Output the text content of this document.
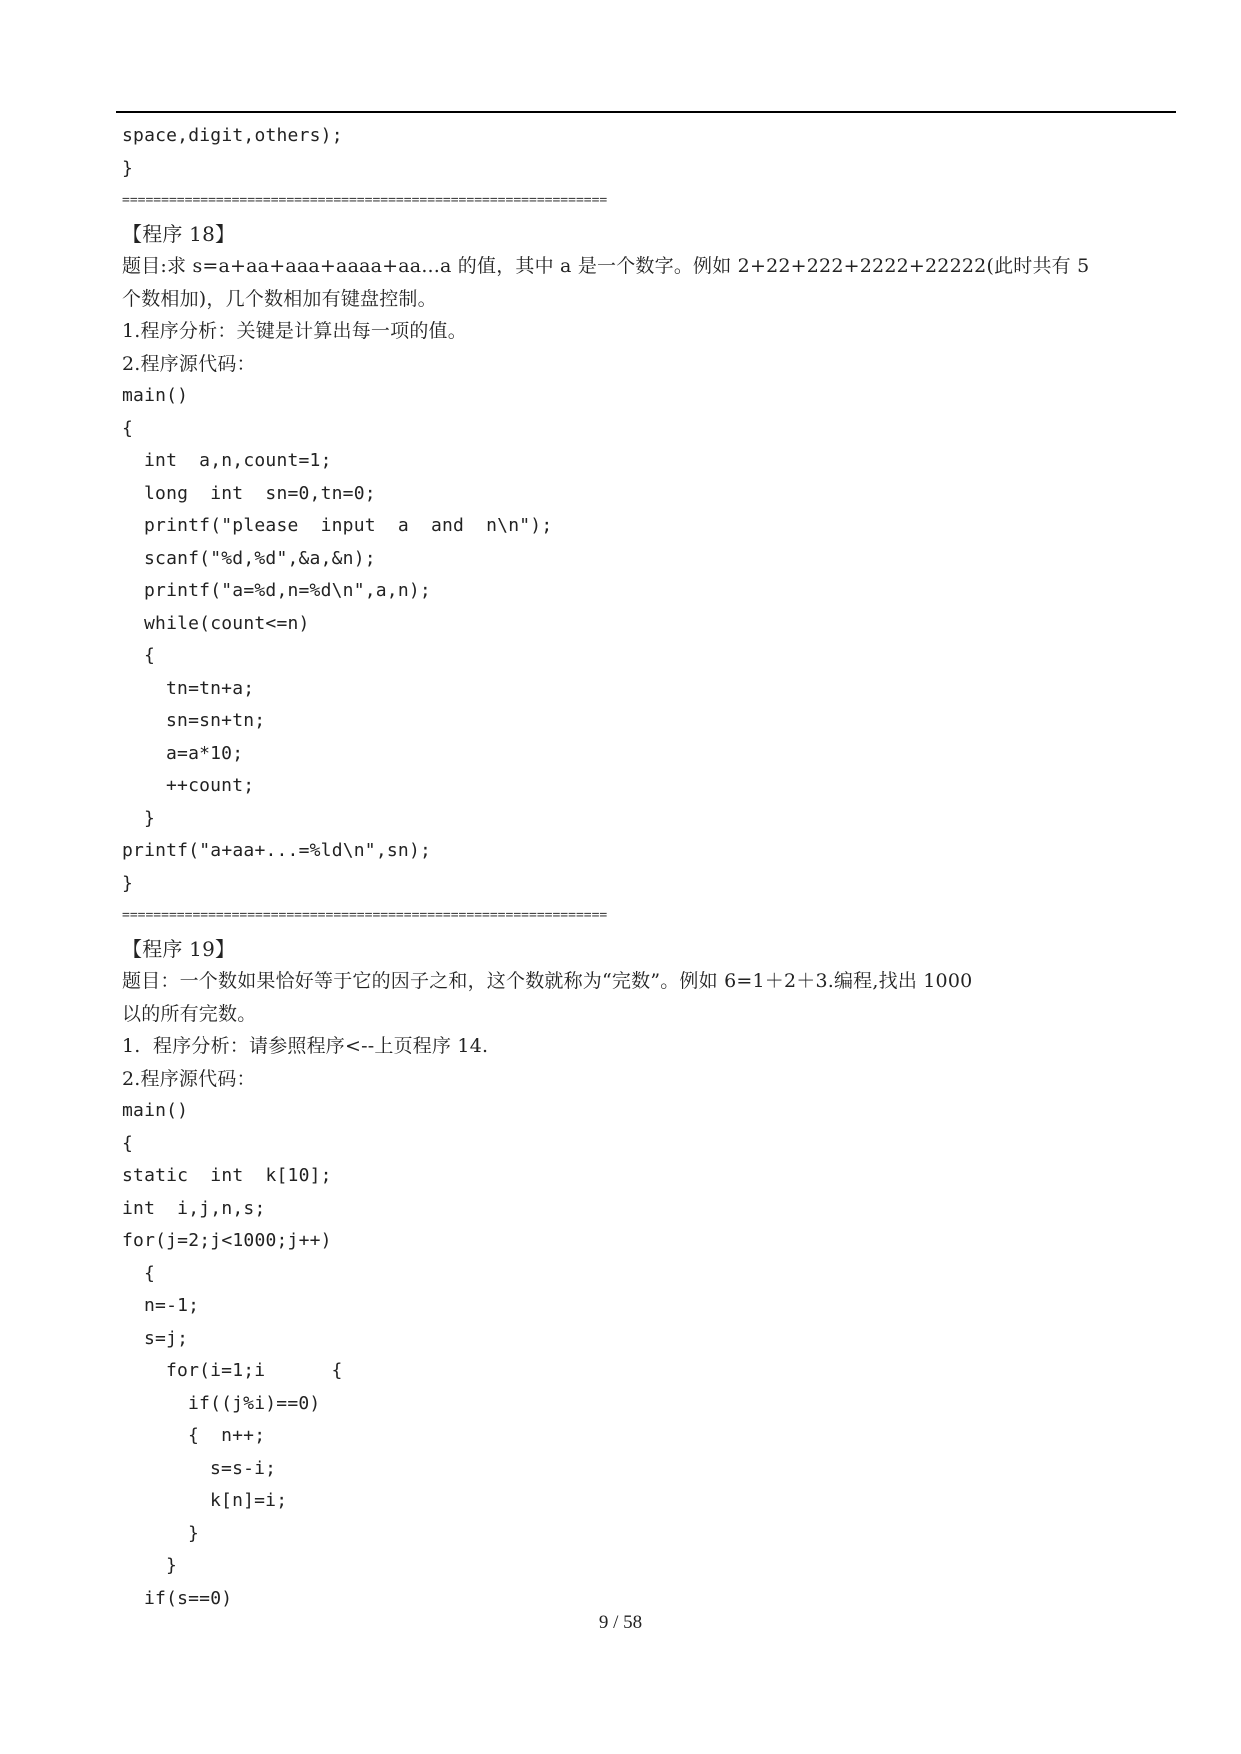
space,digit,others);
}
==============================================================
【程序 18】
题目:求 s=a+aa+aaa+aaaa+aa...a 的值，其中 a 是一个数字。例如 2+22+222+2222+22222(此时共有 5
个数相加)，几个数相加有键盘控制。
1.程序分析：关键是计算出每一项的值。
2.程序源代码：
main()
{
int  a,n,count=1;
long  int  sn=0,tn=0;
printf("please  input  a  and  n\n");
scanf("%d,%d",&a,&n);
printf("a=%d,n=%d\n",a,n);
while(count<=n)
{
tn=tn+a;
sn=sn+tn;
a=a*10;
++count;
}
printf("a+aa+...=%ld\n",sn);
}
==============================================================
【程序 19】
题目：一个数如果恰好等于它的因子之和，这个数就称为“完数”。例如 6=1＋2＋3.编程,找出 1000
以的所有完数。
1.  程序分析：请参照程序<--上页程序 14.
2.程序源代码：
main()
{
static  int  k[10];
int  i,j,n,s;
for(j=2;j<1000;j++)
{
n=-1;
s=j;
for(i=1;i      {
if((j%i)==0)
{  n++;
s=s-i;
k[n]=i;
}
}
if(s==0)
9 / 58
